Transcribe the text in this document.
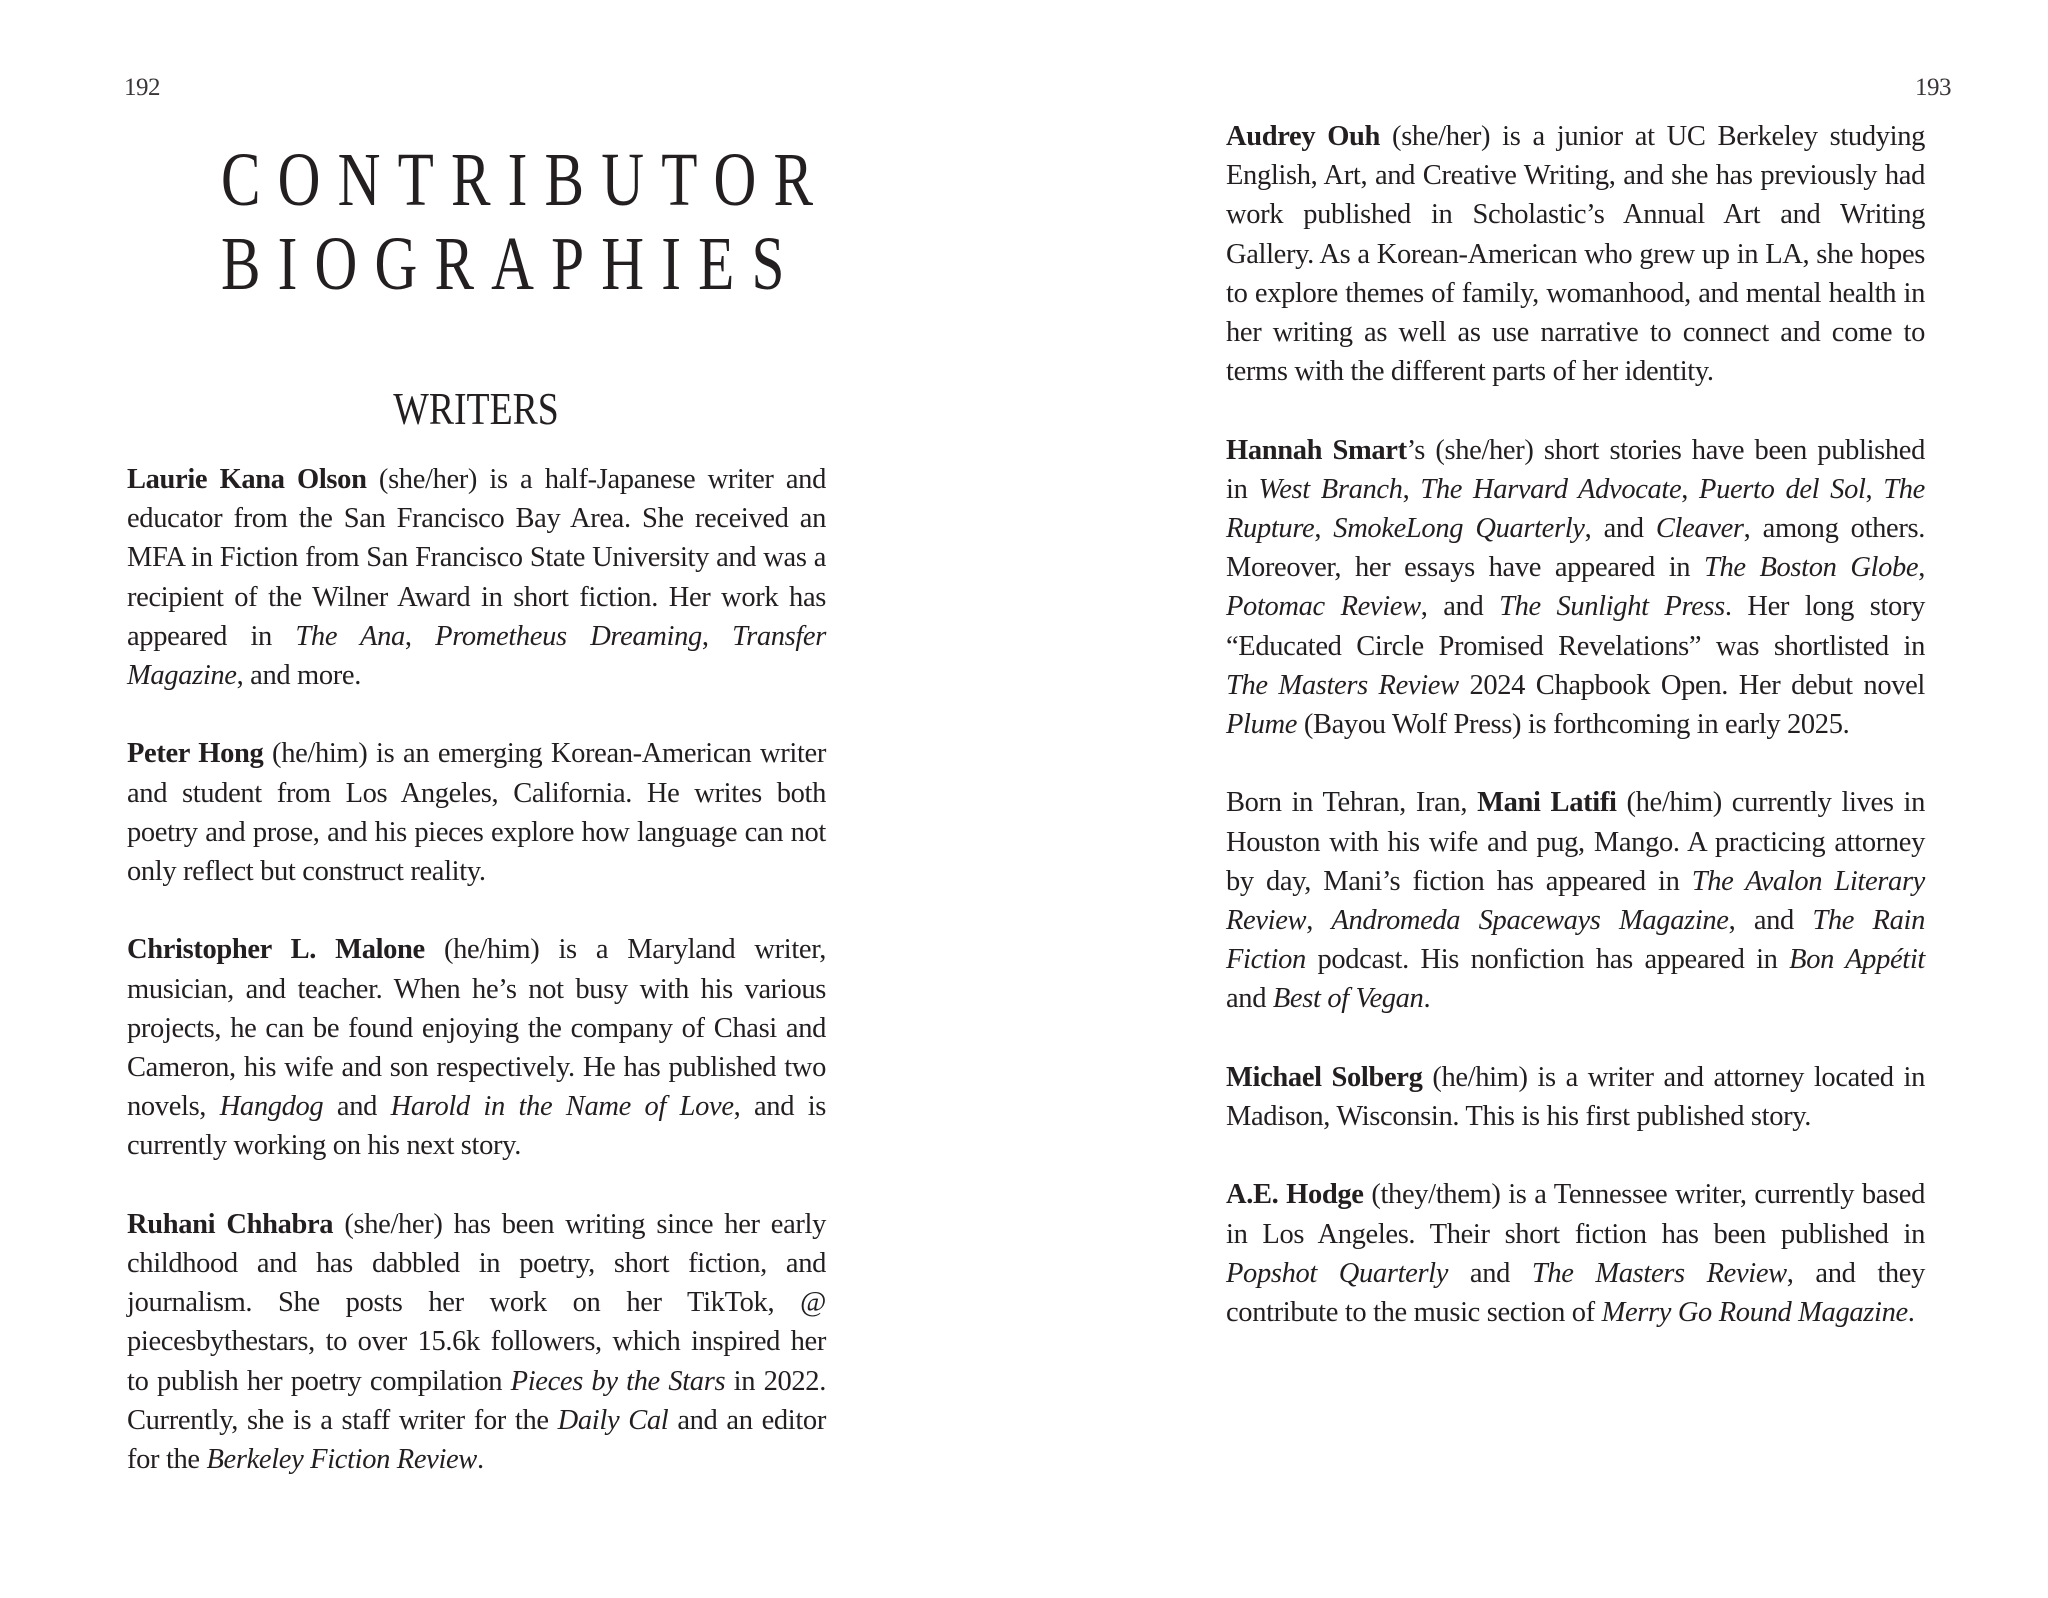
192
CONTRIBUTOR
BIOGRAPHIES
WRITERS

Laurie Kana Olson (she/her) is a half-Japanese writer and educator from the San Francisco Bay Area. She received an MFA in Fiction from San Francisco State University and was a recipient of the Wilner Award in short fiction. Her work has appeared in The Ana, Prometheus Dreaming, Transfer Magazine, and more.

Peter Hong (he/him) is an emerging Korean-American writer and student from Los Angeles, California. He writes both poetry and prose, and his pieces explore how language can not only reflect but construct reality.

Christopher L. Malone (he/him) is a Maryland writer, musician, and teacher. When he’s not busy with his various projects, he can be found enjoying the company of Chasi and Cameron, his wife and son respectively. He has published two novels, Hangdog and Harold in the Name of Love, and is currently working on his next story.

Ruhani Chhabra (she/her) has been writing since her early childhood and has dabbled in poetry, short fiction, and journalism. She posts her work on her TikTok, @ piecesbythestars, to over 15.6k followers, which inspired her to publish her poetry compilation Pieces by the Stars in 2022. Currently, she is a staff writer for the Daily Cal and an editor for the Berkeley Fiction Review.

193

Audrey Ouh (she/her) is a junior at UC Berkeley studying English, Art, and Creative Writing, and she has previously had work published in Scholastic’s Annual Art and Writing Gallery. As a Korean-American who grew up in LA, she hopes to explore themes of family, womanhood, and mental health in her writing as well as use narrative to connect and come to terms with the different parts of her identity.

Hannah Smart’s (she/her) short stories have been published in West Branch, The Harvard Advocate, Puerto del Sol, The Rupture, SmokeLong Quarterly, and Cleaver, among others. Moreover, her essays have appeared in The Boston Globe, Potomac Review, and The Sunlight Press. Her long story “Educated Circle Promised Revelations” was shortlisted in The Masters Review 2024 Chapbook Open. Her debut novel Plume (Bayou Wolf Press) is forthcoming in early 2025.

Born in Tehran, Iran, Mani Latifi (he/him) currently lives in Houston with his wife and pug, Mango. A practicing attorney by day, Mani’s fiction has appeared in The Avalon Literary Review, Andromeda Spaceways Magazine, and The Rain Fiction podcast. His nonfiction has appeared in Bon Appétit and Best of Vegan.

Michael Solberg (he/him) is a writer and attorney located in Madison, Wisconsin. This is his first published story.

A.E. Hodge (they/them) is a Tennessee writer, currently based in Los Angeles. Their short fiction has been published in Popshot Quarterly and The Masters Review, and they contribute to the music section of Merry Go Round Magazine.
